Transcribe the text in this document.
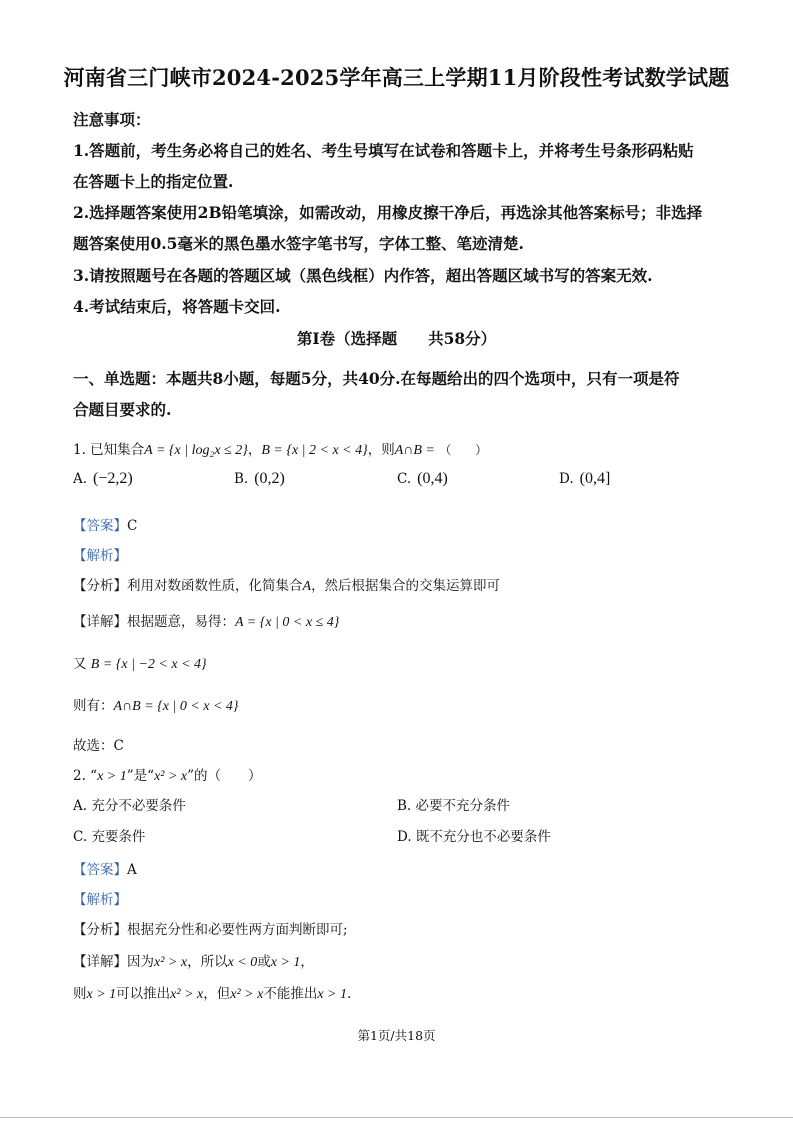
河南省三门峡市2024-2025学年高三上学期11月阶段性考试数学试题
注意事项：
1.答题前，考生务必将自己的姓名、考生号填写在试卷和答题卡上，并将考生号条形码粘贴
在答题卡上的指定位置.
2.选择题答案使用2B铅笔填涂，如需改动，用橡皮擦干净后，再选涂其他答案标号；非选择
题答案使用0.5毫米的黑色墨水签字笔书写，字体工整、笔迹清楚.
3.请按照题号在各题的答题区域（黑色线框）内作答，超出答题区域书写的答案无效.
4.考试结束后，将答题卡交回.
第Ⅰ卷（选择题　　共58分）
一、单选题：本题共8小题，每题5分，共40分.在每题给出的四个选项中，只有一项是符
合题目要求的.
1. 已知集合A = {x | log₂x ≤ 2}，B = {x | 2 < x < 4}，则A∩B = （　　）
A. (−2,2)	B. (0,2)	C. (0,4)	D. (0,4]
【答案】C
【解析】
【分析】利用对数函数性质，化简集合A，然后根据集合的交集运算即可
【详解】根据题意，易得：A = {x | 0 < x ≤ 4}
又 B = {x | −2 < x < 4}
则有：A∩B = {x | 0 < x < 4}
故选：C
2. “x > 1”是“x² > x”的（　　）
A. 充分不必要条件	B. 必要不充分条件
C. 充要条件	D. 既不充分也不必要条件
【答案】A
【解析】
【分析】根据充分性和必要性两方面判断即可;
【详解】因为x² > x，所以x < 0或x > 1，
则x > 1可以推出x² > x，但x² > x不能推出x > 1.
第1页/共18页
